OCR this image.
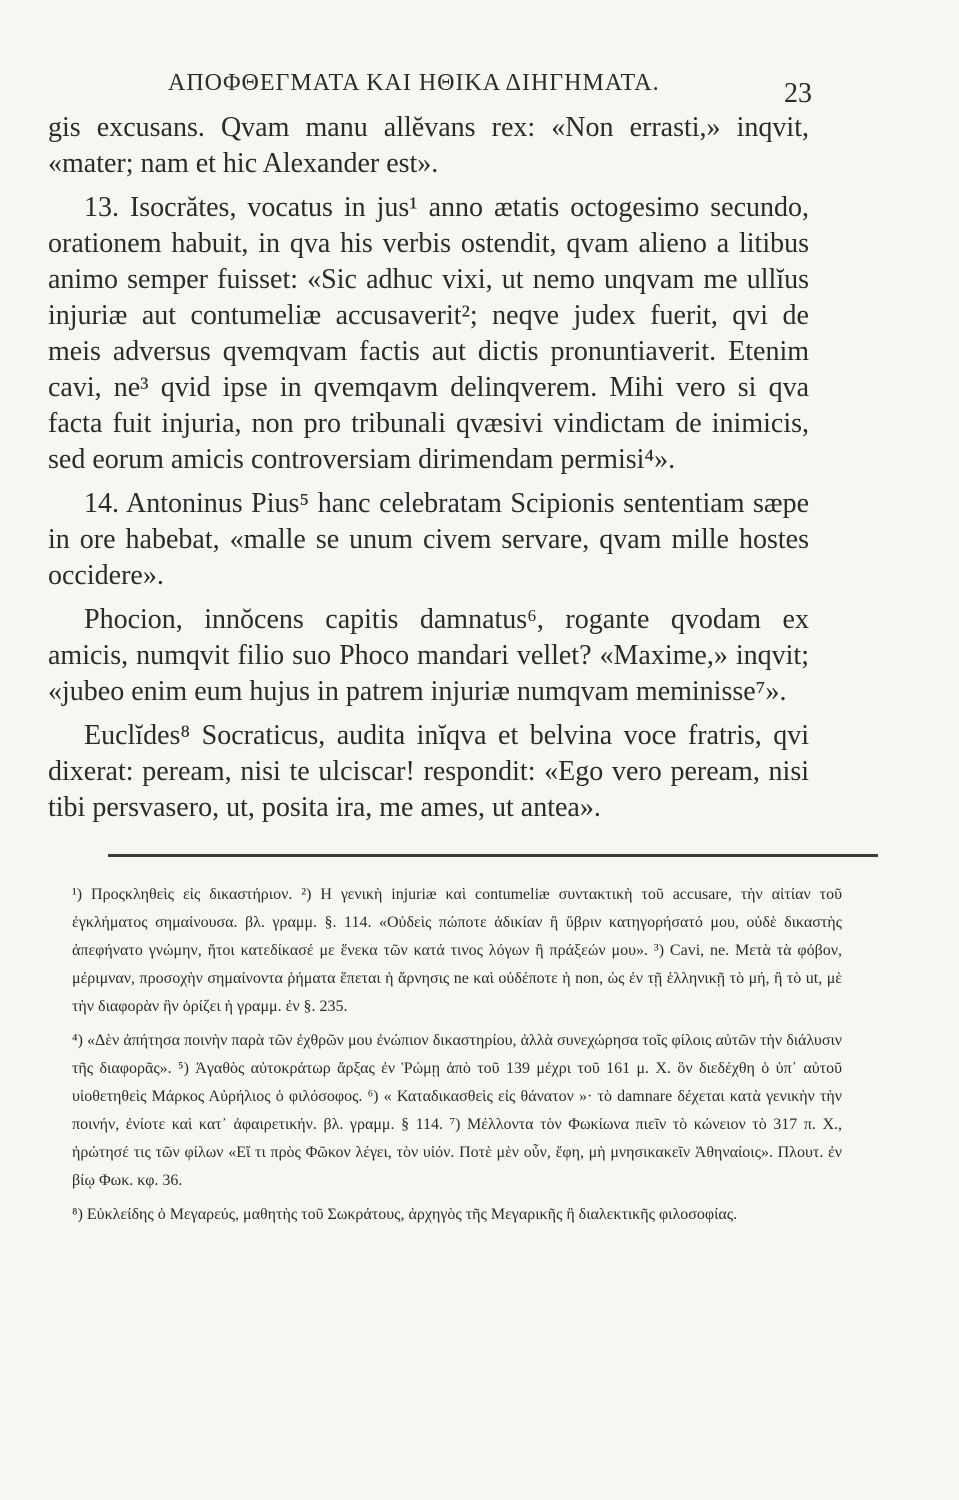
ΑΠΟΦΘΕΓΜΑΤΑ ΚΑΙ ΗΘΙΚΑ ΔΙΗΓΗΜΑΤΑ.	23

gis excusans. Qvam manu allĕvans rex: «Non errasti,» inqvit, «mater; nam et hic Alexander est».

13. Isocrătes, vocatus in jus¹ anno ætatis octogesimo secundo, orationem habuit, in qva his verbis ostendit, qvam alieno a litibus animo semper fuisset: «Sic adhuc vixi, ut nemo unqvam me ullĭus injuriæ aut contumeliæ accusaverit²; neqve judex fuerit, qvi de meis adversus qvemqvam factis aut dictis pronuntiaverit. Etenim cavi, ne³ qvid ipse in qvemqavm delinqverem. Mihi vero si qva facta fuit injuria, non pro tribunali qvæsivi vindictam de inimicis, sed eorum amicis controversiam dirimendam permisi⁴».

14. Antoninus Pius⁵ hanc celebratam Scipionis sententiam sæpe in ore habebat, «malle se unum civem servare, qvam mille hostes occidere».

Phocion, innŏcens capitis damnatus⁶, rogante qvodam ex amicis, numqvit filio suo Phoco mandari vellet? «Maxime,» inqvit; «jubeo enim eum hujus in patrem injuriæ numqvam meminisse⁷».

Euclĭdes⁸ Socraticus, audita inĭqva et belvina voce fratris, qvi dixerat: peream, nisi te ulciscar! respondit: «Ego vero peream, nisi tibi persvasero, ut, posita ira, me ames, ut antea».

¹) Προςκληθεὶς εἰς δικαστήριον. ²) Η γενικὴ injuriæ καὶ contumeliæ συντακτικὴ τοῦ accusare, τὴν αἰτίαν τοῦ ἐγκλήματος σημαίνουσα. βλ. γραμμ. §. 114. «Οὐδεὶς πώποτε ἀδικίαν ἢ ὕβριν κατηγορήσατό μου, οὐδὲ δικαστὴς ἀπεφήνατο γνώμην, ἤτοι κατεδίκασέ με ἕνεκα τῶν κατά τινος λόγων ἢ πράξεών μου». ³) Cavi, ne. Μετὰ τὰ φόβον, μέριμναν, προσοχὴν σημαίνοντα ῥήματα ἕπεται ἡ ἄρνησις ne καὶ οὐδέποτε ἡ non, ὡς ἐν τῇ ἑλληνικῇ τὸ μή, ἢ τὸ ut, μὲ τὴν διαφορὰν ἣν ὁρίζει ἡ γραμμ. ἐν §. 235.

⁴) «Δὲν ἀπήτησα ποινὴν παρὰ τῶν ἐχθρῶν μου ἐνώπιον δικαστηρίου, ἀλλὰ συνεχώρησα τοῖς φίλοις αὐτῶν τὴν διάλυσιν τῆς διαφορᾶς». ⁵) Ἀγαθὸς αὐτοκράτωρ ἄρξας ἐν Ῥώμῃ ἀπὸ τοῦ 139 μέχρι τοῦ 161 μ. Χ. ὃν διεδέχθη ὁ ὑπ᾽ αὐτοῦ υἱοθετηθεὶς Μάρκος Αὐρήλιος ὁ φιλόσοφος. ⁶) « Καταδικασθεὶς εἰς θάνατον »· τὸ damnare δέχεται κατὰ γενικὴν τὴν ποινήν, ἐνίοτε καὶ κατ᾽ ἀφαιρετικήν. βλ. γραμμ. § 114. ⁷) Μέλλοντα τὸν Φωκίωνα πιεῖν τὸ κώνειον τὸ 317 π. Χ., ἠρώτησέ τις τῶν φίλων «Εἴ τι πρὸς Φῶκον λέγει, τὸν υἱόν. Ποτὲ μὲν οὖν, ἔφη, μὴ μνησικακεῖν Ἀθηναίοις». Πλουτ. ἐν βίῳ Φωκ. κφ. 36.

⁸) Εὐκλείδης ὁ Μεγαρεύς, μαθητὴς τοῦ Σωκράτους, ἀρχηγὸς τῆς Μεγαρικῆς ἢ διαλεκτικῆς φιλοσοφίας.
